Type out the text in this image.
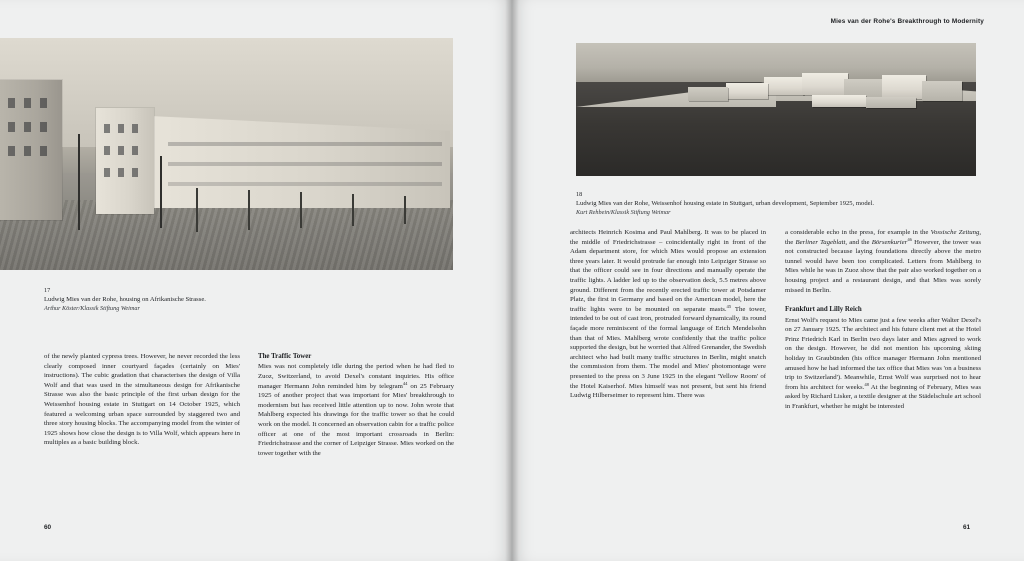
Mies van der Rohe's Breakthrough to Modernity
17
Ludwig Mies van der Rohe, housing on Afrikanische Strasse.
Arthur Köster/Klassik Stiftung Weimar
18
Ludwig Mies van der Rohe, Weissenhof housing estate in Stuttgart, urban development, September 1925, model.
Kurt Rehbein/Klassik Stiftung Weimar

of the newly planted cypress trees. However, he never recorded the less clearly composed inner courtyard façades (certainly on Mies' instructions). The cubic gradation that characterises the design of Villa Wolf and that was used in the simultaneous design for Afrikanische Strasse was also the basic principle of the first urban design for the Weissenhof housing estate in Stuttgart on 14 October 1925, which featured a welcoming urban space surrounded by staggered two and three story housing blocks. The accompanying model from the winter of 1925 shows how close the design is to Villa Wolf, which appears here in multiples as a basic building block.

The Traffic Tower

Mies was not completely idle during the period when he had fled to Zuoz, Switzerland, to avoid Dexel's constant inquiries. His office manager Hermann John reminded him by telegram$^{44}$ on 25 February 1925 of another project that was important for Mies' breakthrough to modernism but has received little attention up to now. John wrote that Mahlberg expected his drawings for the traffic tower so that he could work on the model. It concerned an observation cabin for a traffic police officer at one of the most important crossroads in Berlin: Friedrichstrasse and the corner of Leipziger Strasse. Mies worked on the tower together with the

architects Heinrich Kosima and Paul Mahlberg. It was to be placed in the middle of Friedrichstrasse – coincidentally right in front of the Adam department store, for which Mies would propose an extension three years later. It would protrude far enough into Leipziger Strasse so that the officer could see in four directions and manually operate the traffic lights. A ladder led up to the observation deck, 5.5 metres above ground. Different from the recently erected traffic tower at Potsdamer Platz, the first in Germany and based on the American model, here the traffic lights were to be mounted on separate masts.$^{45}$ The tower, intended to be out of cast iron, protruded forward dynamically, its round façade more reminiscent of the formal language of Erich Mendelsohn than that of Mies. Mahlberg wrote confidently that the traffic police supported the design, but he worried that Alfred Grenander, the Swedish architect who had built many traffic structures in Berlin, might snatch the commission from them. The model and Mies' photomontage were presented to the press on 3 June 1925 in the elegant 'Yellow Room' of the Hotel Kaiserhof. Mies himself was not present, but sent his friend Ludwig Hilberseimer to represent him. There was

a considerable echo in the press, for example in the Vossische Zeitung, the Berliner Tageblatt, and the Börsenkurier$^{46}$ However, the tower was not constructed because laying foundations directly above the metro tunnel would have been too complicated. Letters from Mahlberg to Mies while he was in Zuoz show that the pair also worked together on a housing project and a restaurant design, and that Mies was sorely missed in Berlin.

Frankfurt and Lilly Reich

Ernst Wolf's request to Mies came just a few weeks after Walter Dexel's on 27 January 1925. The architect and his future client met at the Hotel Prinz Friedrich Karl in Berlin two days later and Mies agreed to work on the design. However, he did not mention his upcoming skiing holiday in Graubünden (his office manager Hermann John mentioned amused how he had informed the tax office that Mies was 'on a business trip to Switzerland'). Meanwhile, Ernst Wolf was surprised not to hear from his architect for weeks.$^{48}$ At the beginning of February, Mies was asked by Richard Lisker, a textile designer at the Städelschule art school in Frankfurt, whether he might be interested

60	61
